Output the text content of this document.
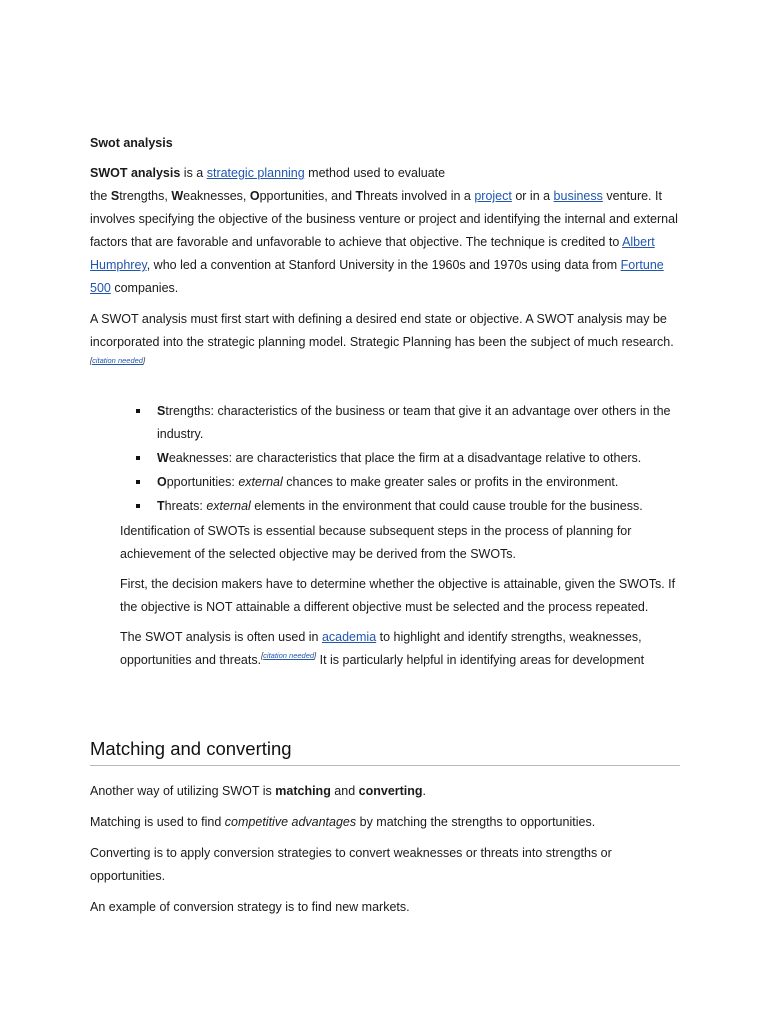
Swot analysis

SWOT analysis is a strategic planning method used to evaluate
the Strengths, Weaknesses, Opportunities, and Threats involved in a project or in a business venture. It involves specifying the objective of the business venture or project and identifying the internal and external factors that are favorable and unfavorable to achieve that objective. The technique is credited to Albert Humphrey, who led a convention at Stanford University in the 1960s and 1970s using data from Fortune 500 companies.

A SWOT analysis must first start with defining a desired end state or objective. A SWOT analysis may be incorporated into the strategic planning model. Strategic Planning has been the subject of much research.[citation needed]

Strengths: characteristics of the business or team that give it an advantage over others in the industry.
Weaknesses: are characteristics that place the firm at a disadvantage relative to others.
Opportunities: external chances to make greater sales or profits in the environment.
Threats: external elements in the environment that could cause trouble for the business.

Identification of SWOTs is essential because subsequent steps in the process of planning for achievement of the selected objective may be derived from the SWOTs.

First, the decision makers have to determine whether the objective is attainable, given the SWOTs. If the objective is NOT attainable a different objective must be selected and the process repeated.

The SWOT analysis is often used in academia to highlight and identify strengths, weaknesses, opportunities and threats.[citation needed] It is particularly helpful in identifying areas for development

Matching and converting

Another way of utilizing SWOT is matching and converting.

Matching is used to find competitive advantages by matching the strengths to opportunities.

Converting is to apply conversion strategies to convert weaknesses or threats into strengths or opportunities.

An example of conversion strategy is to find new markets.
